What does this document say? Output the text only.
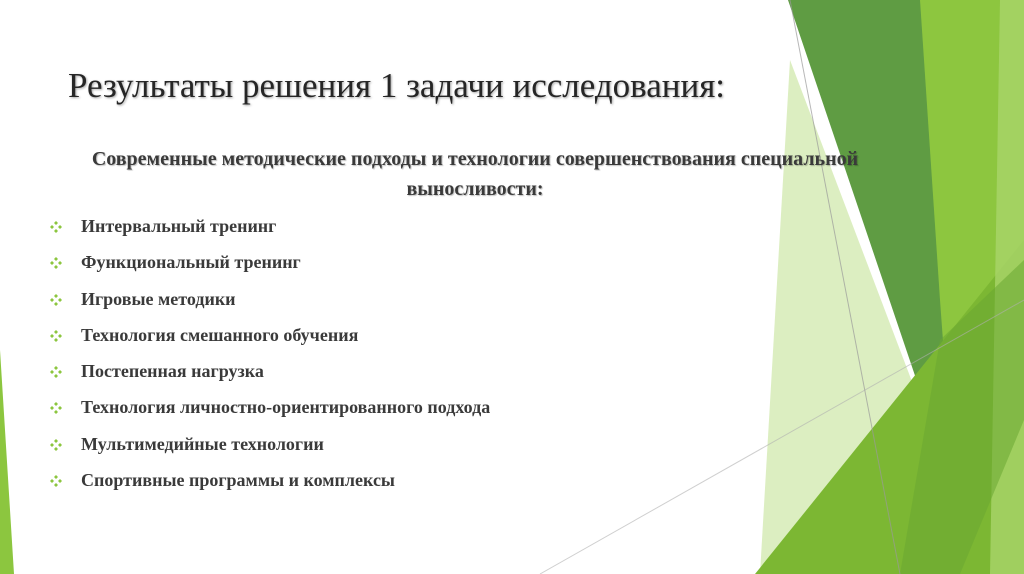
Результаты решения 1 задачи исследования:
Современные методические подходы и технологии совершенствования специальной выносливости:
Интервальный тренинг
Функциональный тренинг
Игровые методики
Технология смешанного обучения
Постепенная нагрузка
Технология личностно-ориентированного подхода
Мультимедийные технологии
Спортивные программы и комплексы
